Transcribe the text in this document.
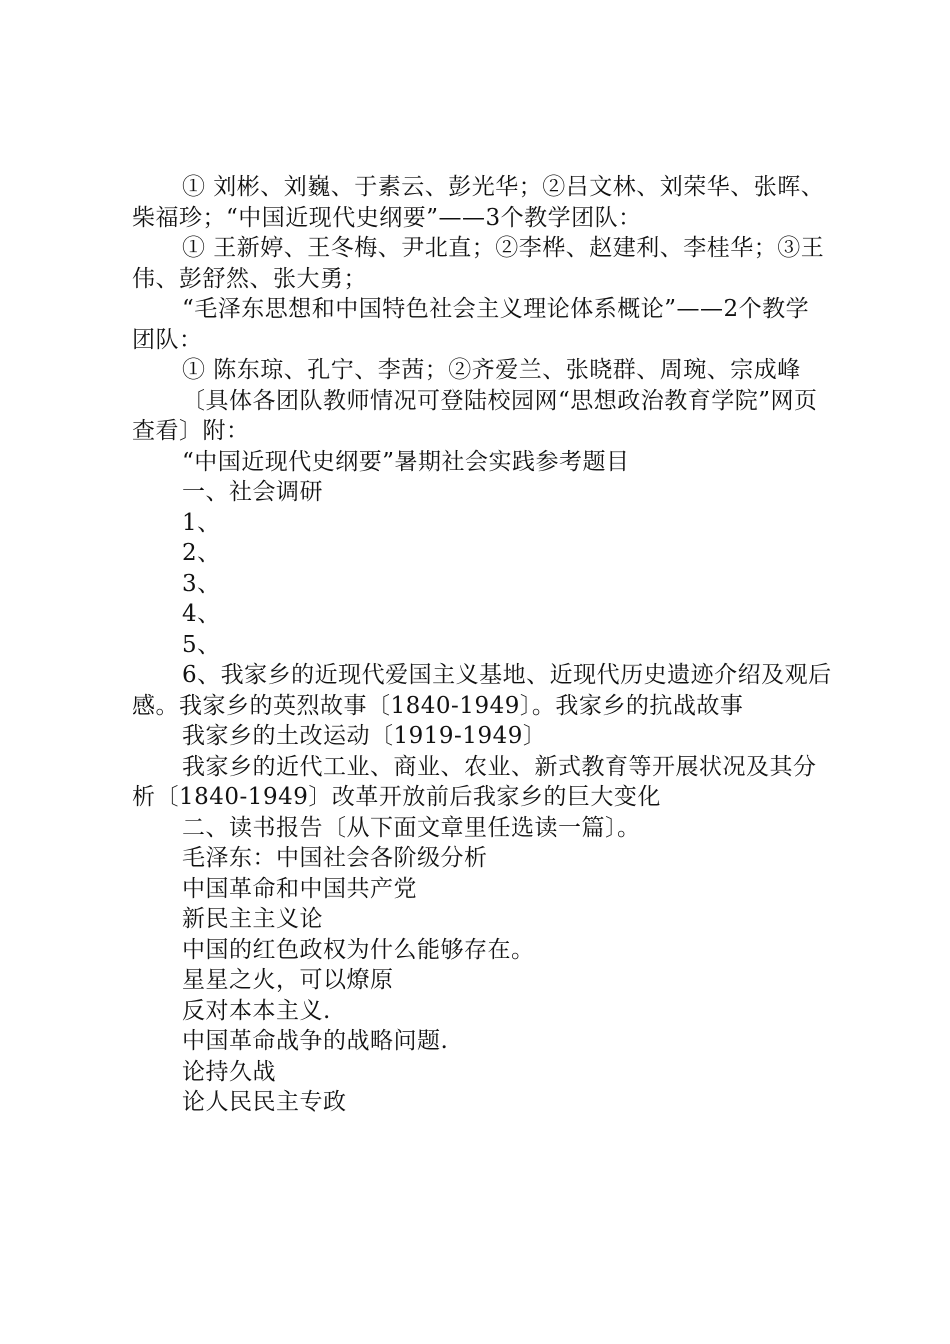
① 刘彬、刘巍、于素云、彭光华；②吕文林、刘荣华、张晖、柴福珍；“中国近现代史纲要”——3个教学团队：

① 王新婷、王冬梅、尹北直；②李桦、赵建利、李桂华；③王伟、彭舒然、张大勇；

“毛泽东思想和中国特色社会主义理论体系概论”——2个教学团队：

① 陈东琼、孔宁、李茜；②齐爱兰、张晓群、周琬、宗成峰

〔具体各团队教师情况可登陆校园网“思想政治教育学院”网页查看〕附：

“中国近现代史纲要”暑期社会实践参考题目

一、社会调研

1、

2、

3、

4、

5、

6、我家乡的近现代爱国主义基地、近现代历史遗迹介绍及观后感。我家乡的英烈故事〔1840-1949〕。我家乡的抗战故事

我家乡的土改运动〔1919-1949〕

我家乡的近代工业、商业、农业、新式教育等开展状况及其分析〔1840-1949〕改革开放前后我家乡的巨大变化

二、读书报告〔从下面文章里任选读一篇〕。

毛泽东：中国社会各阶级分析

中国革命和中国共产党

新民主主义论

中国的红色政权为什么能够存在。

星星之火，可以燎原

反对本本主义.

中国革命战争的战略问题.

论持久战

论人民民主专政
